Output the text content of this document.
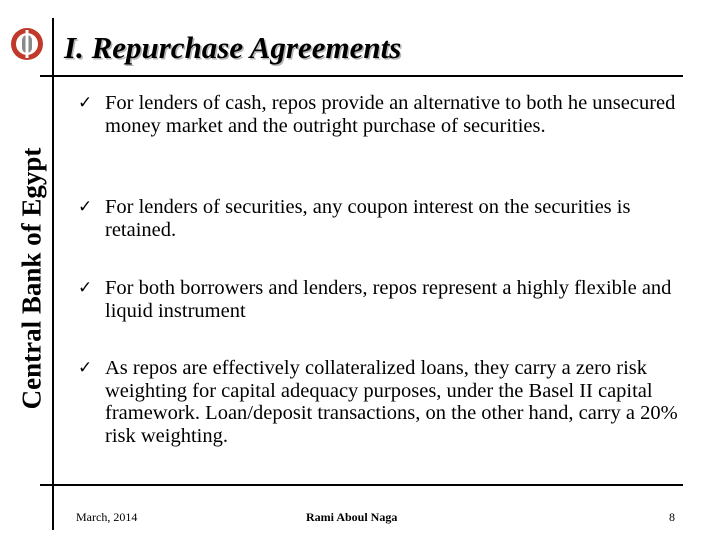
Central Bank of Egypt
I. Repurchase Agreements
✓ For lenders of cash, repos provide an alternative to both he unsecured money market and the outright purchase of securities.
✓ For lenders of securities, any coupon interest on the securities is retained.
✓ For both borrowers and lenders, repos represent a highly flexible and liquid instrument
✓ As repos are effectively collateralized loans, they carry a zero risk weighting for capital adequacy purposes, under the Basel II capital framework. Loan/deposit transactions, on the other hand, carry a 20% risk weighting.
March, 2014	Rami Aboul Naga	8
